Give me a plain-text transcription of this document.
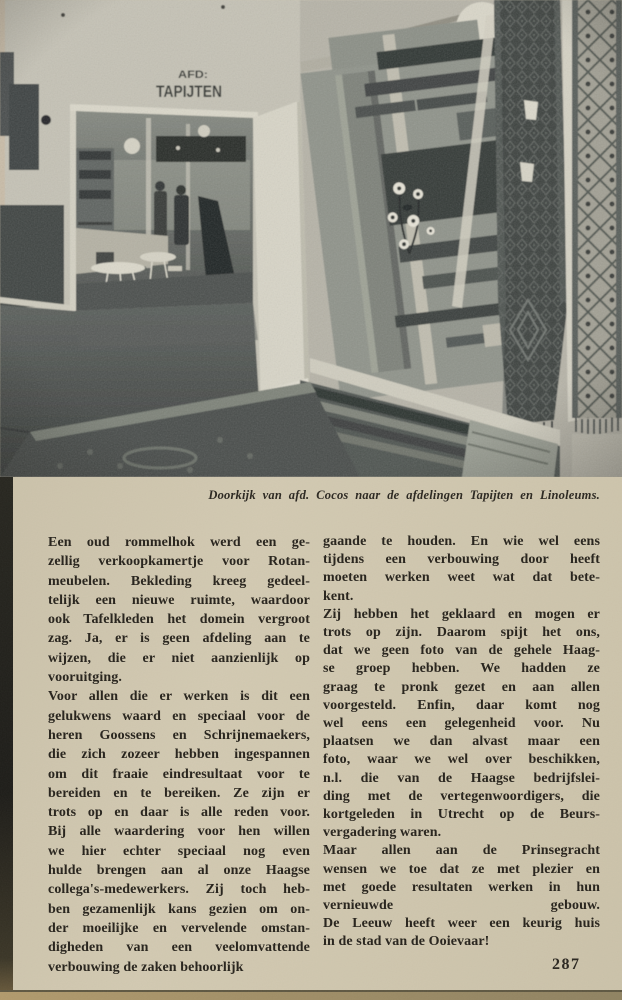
Doorkijk van afd. Cocos naar de afdelingen Tapijten en Linoleums.
Een oud rommelhok werd een ge-
zellig verkoopkamertje voor Rotan-
meubelen. Bekleding kreeg gedeel-
telijk een nieuwe ruimte, waardoor
ook Tafelkleden het domein vergroot
zag. Ja, er is geen afdeling aan te
wijzen, die er niet aanzienlijk op
vooruitging.
Voor allen die er werken is dit een
gelukwens waard en speciaal voor de
heren Goossens en Schrijnemaekers,
die zich zozeer hebben ingespannen
om dit fraaie eindresultaat voor te
bereiden en te bereiken. Ze zijn er
trots op en daar is alle reden voor.
Bij alle waardering voor hen willen
we hier echter speciaal nog even
hulde brengen aan al onze Haagse
collega's-medewerkers. Zij toch heb-
ben gezamenlijk kans gezien om on-
der moeilijke en vervelende omstan-
digheden van een veelomvattende
verbouwing de zaken behoorlijk
gaande te houden. En wie wel eens
tijdens een verbouwing door heeft
moeten werken weet wat dat bete-
kent.
Zij hebben het geklaard en mogen er
trots op zijn. Daarom spijt het ons,
dat we geen foto van de gehele Haag-
se groep hebben. We hadden ze
graag te pronk gezet en aan allen
voorgesteld. Enfin, daar komt nog
wel eens een gelegenheid voor. Nu
plaatsen we dan alvast maar een
foto, waar we wel over beschikken,
n.l. die van de Haagse bedrijfslei-
ding met de vertegenwoordigers, die
kortgeleden in Utrecht op de Beurs-
vergadering waren.
Maar allen aan de Prinsegracht
wensen we toe dat ze met plezier en
met goede resultaten werken in hun
vernieuwde gebouw.
De Leeuw heeft weer een keurig huis
in de stad van de Ooievaar!
287
